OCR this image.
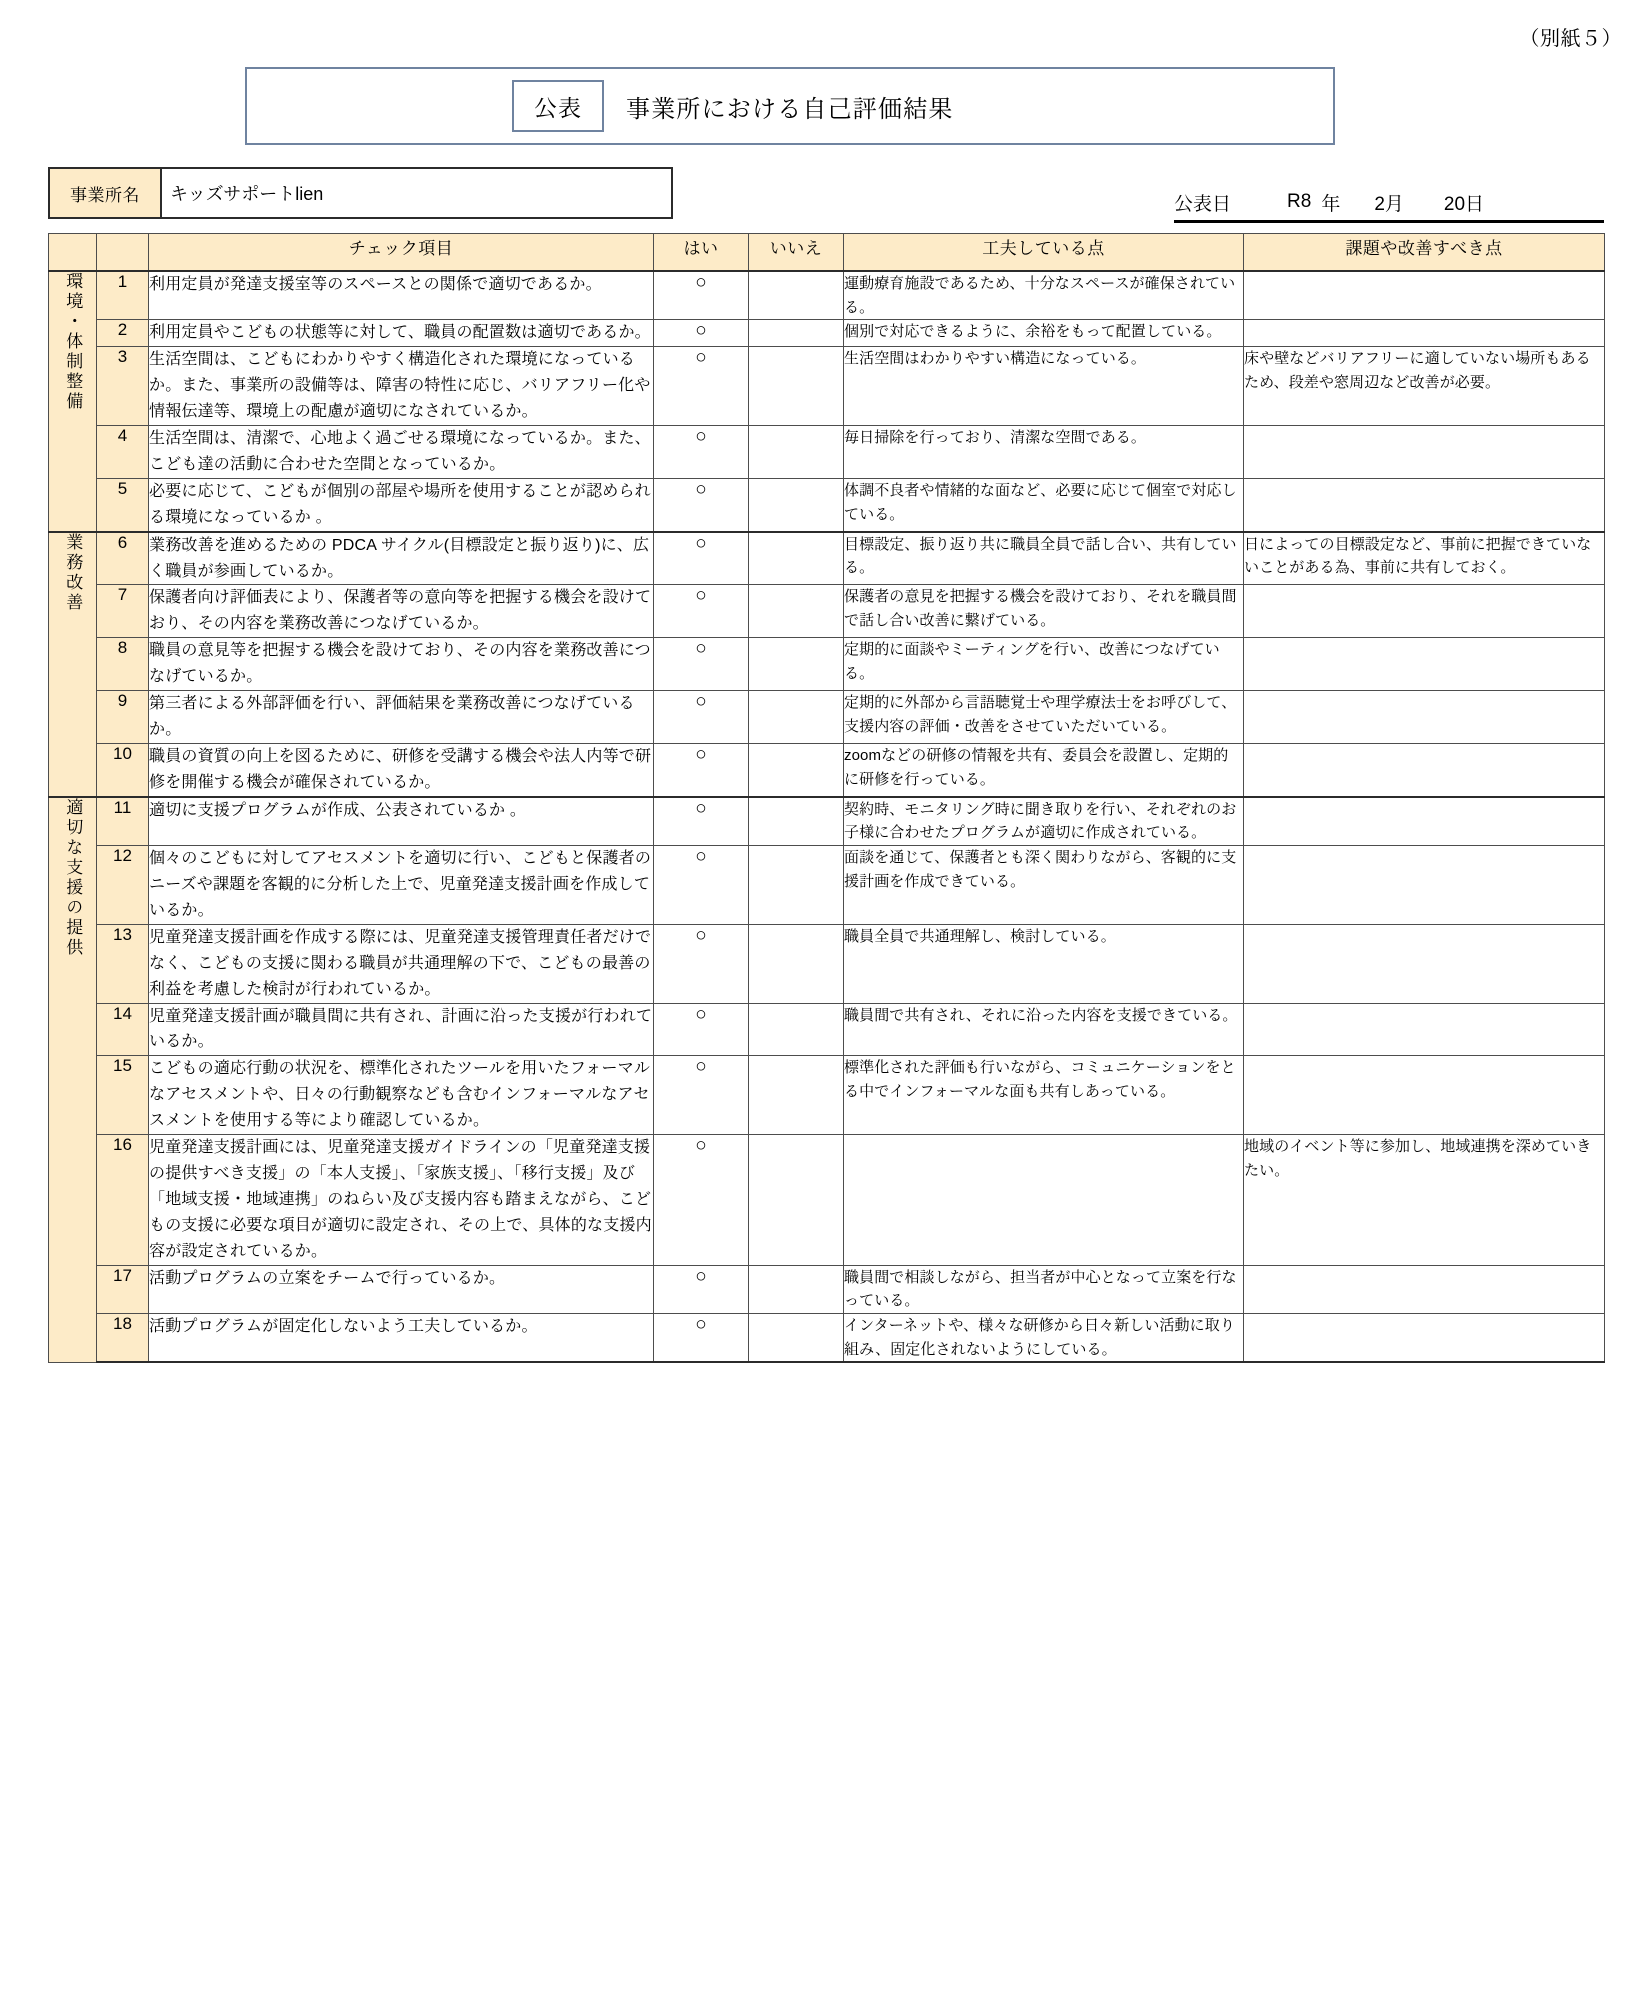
（別紙５）
公表	事業所における自己評価結果
事業所名	キッズサポートlien	公表日	R8 年 2月 20日
		チェック項目	はい	いいえ	工夫している点	課題や改善すべき点
環境・体制整備	1	利用定員が発達支援室等のスペースとの関係で適切であるか。	○		運動療育施設であるため、十分なスペースが確保されている。	
	2	利用定員やこどもの状態等に対して、職員の配置数は適切であるか。	○		個別で対応できるように、余裕をもって配置している。	
	3	生活空間は、こどもにわかりやすく構造化された環境になっているか。また、事業所の設備等は、障害の特性に応じ、バリアフリー化や情報伝達等、環境上の配慮が適切になされているか。	○		生活空間はわかりやすい構造になっている。	床や壁などバリアフリーに適していない場所もあるため、段差や窓周辺など改善が必要。
	4	生活空間は、清潔で、心地よく過ごせる環境になっているか。また、こども達の活動に合わせた空間となっているか。	○		毎日掃除を行っており、清潔な空間である。	
	5	必要に応じて、こどもが個別の部屋や場所を使用することが認められる環境になっているか 。	○		体調不良者や情緒的な面など、必要に応じて個室で対応している。	
業務改善	6	業務改善を進めるための PDCA サイクル(目標設定と振り返り)に、広く職員が参画しているか。	○		目標設定、振り返り共に職員全員で話し合い、共有している。	日によっての目標設定など、事前に把握できていないことがある為、事前に共有しておく。
	7	保護者向け評価表により、保護者等の意向等を把握する機会を設けており、その内容を業務改善につなげているか。	○		保護者の意見を把握する機会を設けており、それを職員間で話し合い改善に繋げている。	
	8	職員の意見等を把握する機会を設けており、その内容を業務改善につなげているか。	○		定期的に面談やミーティングを行い、改善につなげている。	
	9	第三者による外部評価を行い、評価結果を業務改善につなげているか。	○		定期的に外部から言語聴覚士や理学療法士をお呼びして、支援内容の評価・改善をさせていただいている。	
	10	職員の資質の向上を図るために、研修を受講する機会や法人内等で研修を開催する機会が確保されているか。	○		zoomなどの研修の情報を共有、委員会を設置し、定期的に研修を行っている。	
適切な支援の提供	11	適切に支援プログラムが作成、公表されているか 。	○		契約時、モニタリング時に聞き取りを行い、それぞれのお子様に合わせたプログラムが適切に作成されている。	
	12	個々のこどもに対してアセスメントを適切に行い、こどもと保護者のニーズや課題を客観的に分析した上で、児童発達支援計画を作成しているか。	○		面談を通じて、保護者とも深く関わりながら、客観的に支援計画を作成できている。	
	13	児童発達支援計画を作成する際には、児童発達支援管理責任者だけでなく、こどもの支援に関わる職員が共通理解の下で、こどもの最善の利益を考慮した検討が行われているか。	○		職員全員で共通理解し、検討している。	
	14	児童発達支援計画が職員間に共有され、計画に沿った支援が行われているか。	○		職員間で共有され、それに沿った内容を支援できている。	
	15	こどもの適応行動の状況を、標準化されたツールを用いたフォーマルなアセスメントや、日々の行動観察なども含むインフォーマルなアセスメントを使用する等により確認しているか。	○		標準化された評価も行いながら、コミュニケーションをとる中でインフォーマルな面も共有しあっている。	
	16	児童発達支援計画には、児童発達支援ガイドラインの「児童発達支援の提供すべき支援」の「本人支援」、「家族支援」、「移行支援」及び「地域支援・地域連携」のねらい及び支援内容も踏まえながら、こどもの支援に必要な項目が適切に設定され、その上で、具体的な支援内容が設定されているか。	○			地域のイベント等に参加し、地域連携を深めていきたい。
	17	活動プログラムの立案をチームで行っているか。	○		職員間で相談しながら、担当者が中心となって立案を行なっている。	
	18	活動プログラムが固定化しないよう工夫しているか。	○		インターネットや、様々な研修から日々新しい活動に取り組み、固定化されないようにしている。	
